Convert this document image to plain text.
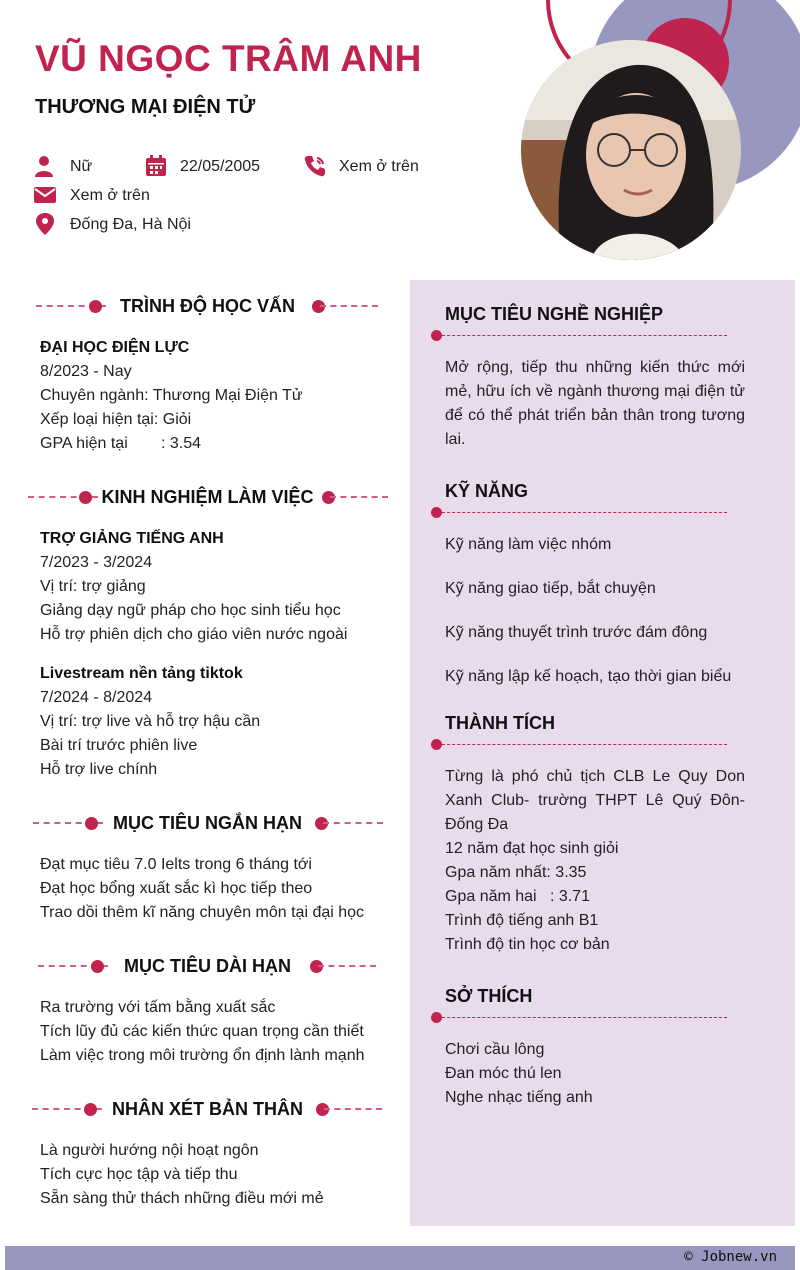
VŨ NGỌC TRÂM ANH
THƯƠNG MẠI ĐIỆN TỬ
Nữ	22/05/2005	Xem ở trên
Xem ở trên
Đống Đa, Hà Nội
TRÌNH ĐỘ HỌC VẤN
ĐẠI HỌC ĐIỆN LỰC
8/2023 - Nay
Chuyên ngành: Thương Mại Điện Tử
Xếp loại hiện tại: Giỏi
GPA hiện tại : 3.54
KINH NGHIỆM LÀM VIỆC
TRỢ GIẢNG TIẾNG ANH
7/2023 - 3/2024
Vị trí: trợ giảng
Giảng dạy ngữ pháp cho học sinh tiểu học
Hỗ trợ phiên dịch cho giáo viên nước ngoài
Livestream nền tảng tiktok
7/2024 - 8/2024
Vị trí: trợ live và hỗ trợ hậu cần
Bài trí trước phiên live
Hỗ trợ live chính
MỤC TIÊU NGẮN HẠN
Đạt mục tiêu 7.0 Ielts trong 6 tháng tới
Đạt học bổng xuất sắc kì học tiếp theo
Trao dồi thêm kĩ năng chuyên môn tại đại học
MỤC TIÊU DÀI HẠN
Ra trường với tấm bằng xuất sắc
Tích lũy đủ các kiến thức quan trọng cần thiết
Làm việc trong môi trường ổn định lành mạnh
NHÂN XÉT BẢN THÂN
Là người hướng nội hoạt ngôn
Tích cực học tập và tiếp thu
Sẵn sàng thử thách những điều mới mẻ
MỤC TIÊU NGHỀ NGHIỆP
Mở rộng, tiếp thu những kiến thức mới mẻ, hữu ích về ngành thương mại điện tử để có thể phát triển bản thân trong tương lai.
KỸ NĂNG
Kỹ năng làm việc nhóm
Kỹ năng giao tiếp, bắt chuyện
Kỹ năng thuyết trình trước đám đông
Kỹ năng lập kế hoạch, tạo thời gian biểu
THÀNH TÍCH
Từng là phó chủ tịch CLB Le Quy Don Xanh Club- trường THPT Lê Quý Đôn- Đống Đa
12 năm đạt học sinh giỏi
Gpa năm nhất: 3.35
Gpa năm hai   : 3.71
Trình độ tiếng anh B1
Trình độ tin học cơ bản
SỞ THÍCH
Chơi cầu lông
Đan móc thú len
Nghe nhạc tiếng anh
© Jobnew.vn
